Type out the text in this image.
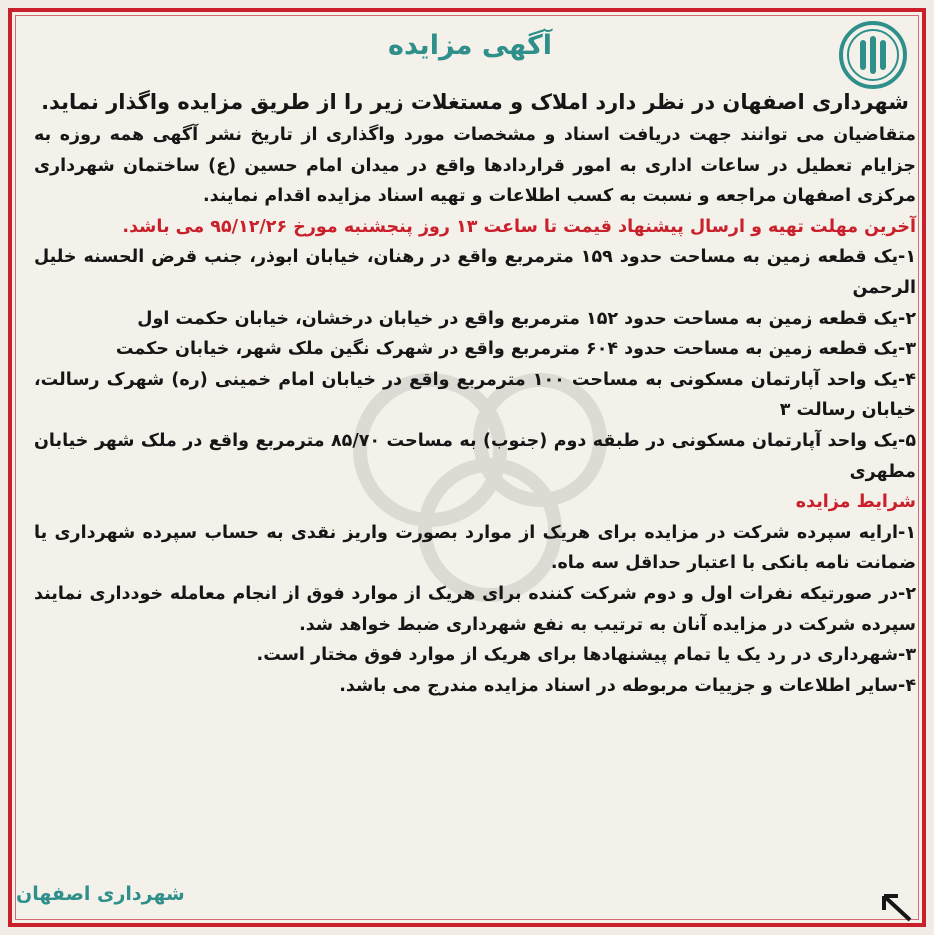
آگهی مزایده

شهرداری اصفهان در نظر دارد املاک و مستغلات زیر را از طریق مزایده واگذار نماید.

متقاضیان می توانند جهت دریافت اسناد و مشخصات مورد واگذاری از تاریخ نشر آگهی همه روزه به جزایام تعطیل در ساعات اداری به امور قراردادها واقع در میدان امام حسین (ع) ساختمان شهرداری مرکزی اصفهان مراجعه و نسبت به کسب اطلاعات و تهیه اسناد مزایده اقدام نمایند.

آخرین مهلت تهیه و ارسال پیشنهاد قیمت تا ساعت ۱۳ روز پنجشنبه مورخ ۹۵/۱۲/۲۶ می باشد.

۱-یک قطعه زمین به مساحت حدود ۱۵۹ مترمربع واقع در رهنان، خیابان ابوذر، جنب قرض الحسنه خلیل الرحمن

۲-یک قطعه زمین به مساحت حدود ۱۵۲ مترمربع واقع در خیابان درخشان، خیابان حکمت اول

۳-یک قطعه زمین به مساحت حدود ۶۰۴ مترمربع واقع در شهرک نگین ملک شهر، خیابان حکمت

۴-یک واحد آپارتمان مسکونی به مساحت ۱۰۰ مترمربع واقع در خیابان امام خمینی (ره) شهرک رسالت، خیابان رسالت ۳

۵-یک واحد آپارتمان مسکونی در طبقه دوم (جنوب) به مساحت ۸۵/۷۰ مترمربع واقع در ملک شهر خیابان مطهری

شرایط مزایده

۱-ارایه سپرده شرکت در مزایده برای هریک از موارد بصورت واریز نقدی به حساب سپرده شهرداری یا ضمانت نامه بانکی با اعتبار حداقل سه ماه.

۲-در صورتیکه نفرات اول و دوم شرکت کننده برای هریک از موارد فوق از انجام معامله خودداری نمایند سپرده شرکت در مزایده آنان به ترتیب به نفع شهرداری ضبط خواهد شد.

۳-شهرداری در رد یک یا تمام پیشنهادها برای هریک از موارد فوق مختار است.

۴-سایر اطلاعات و جزییات مربوطه در اسناد مزایده مندرج می باشد.

شهرداری اصفهان
